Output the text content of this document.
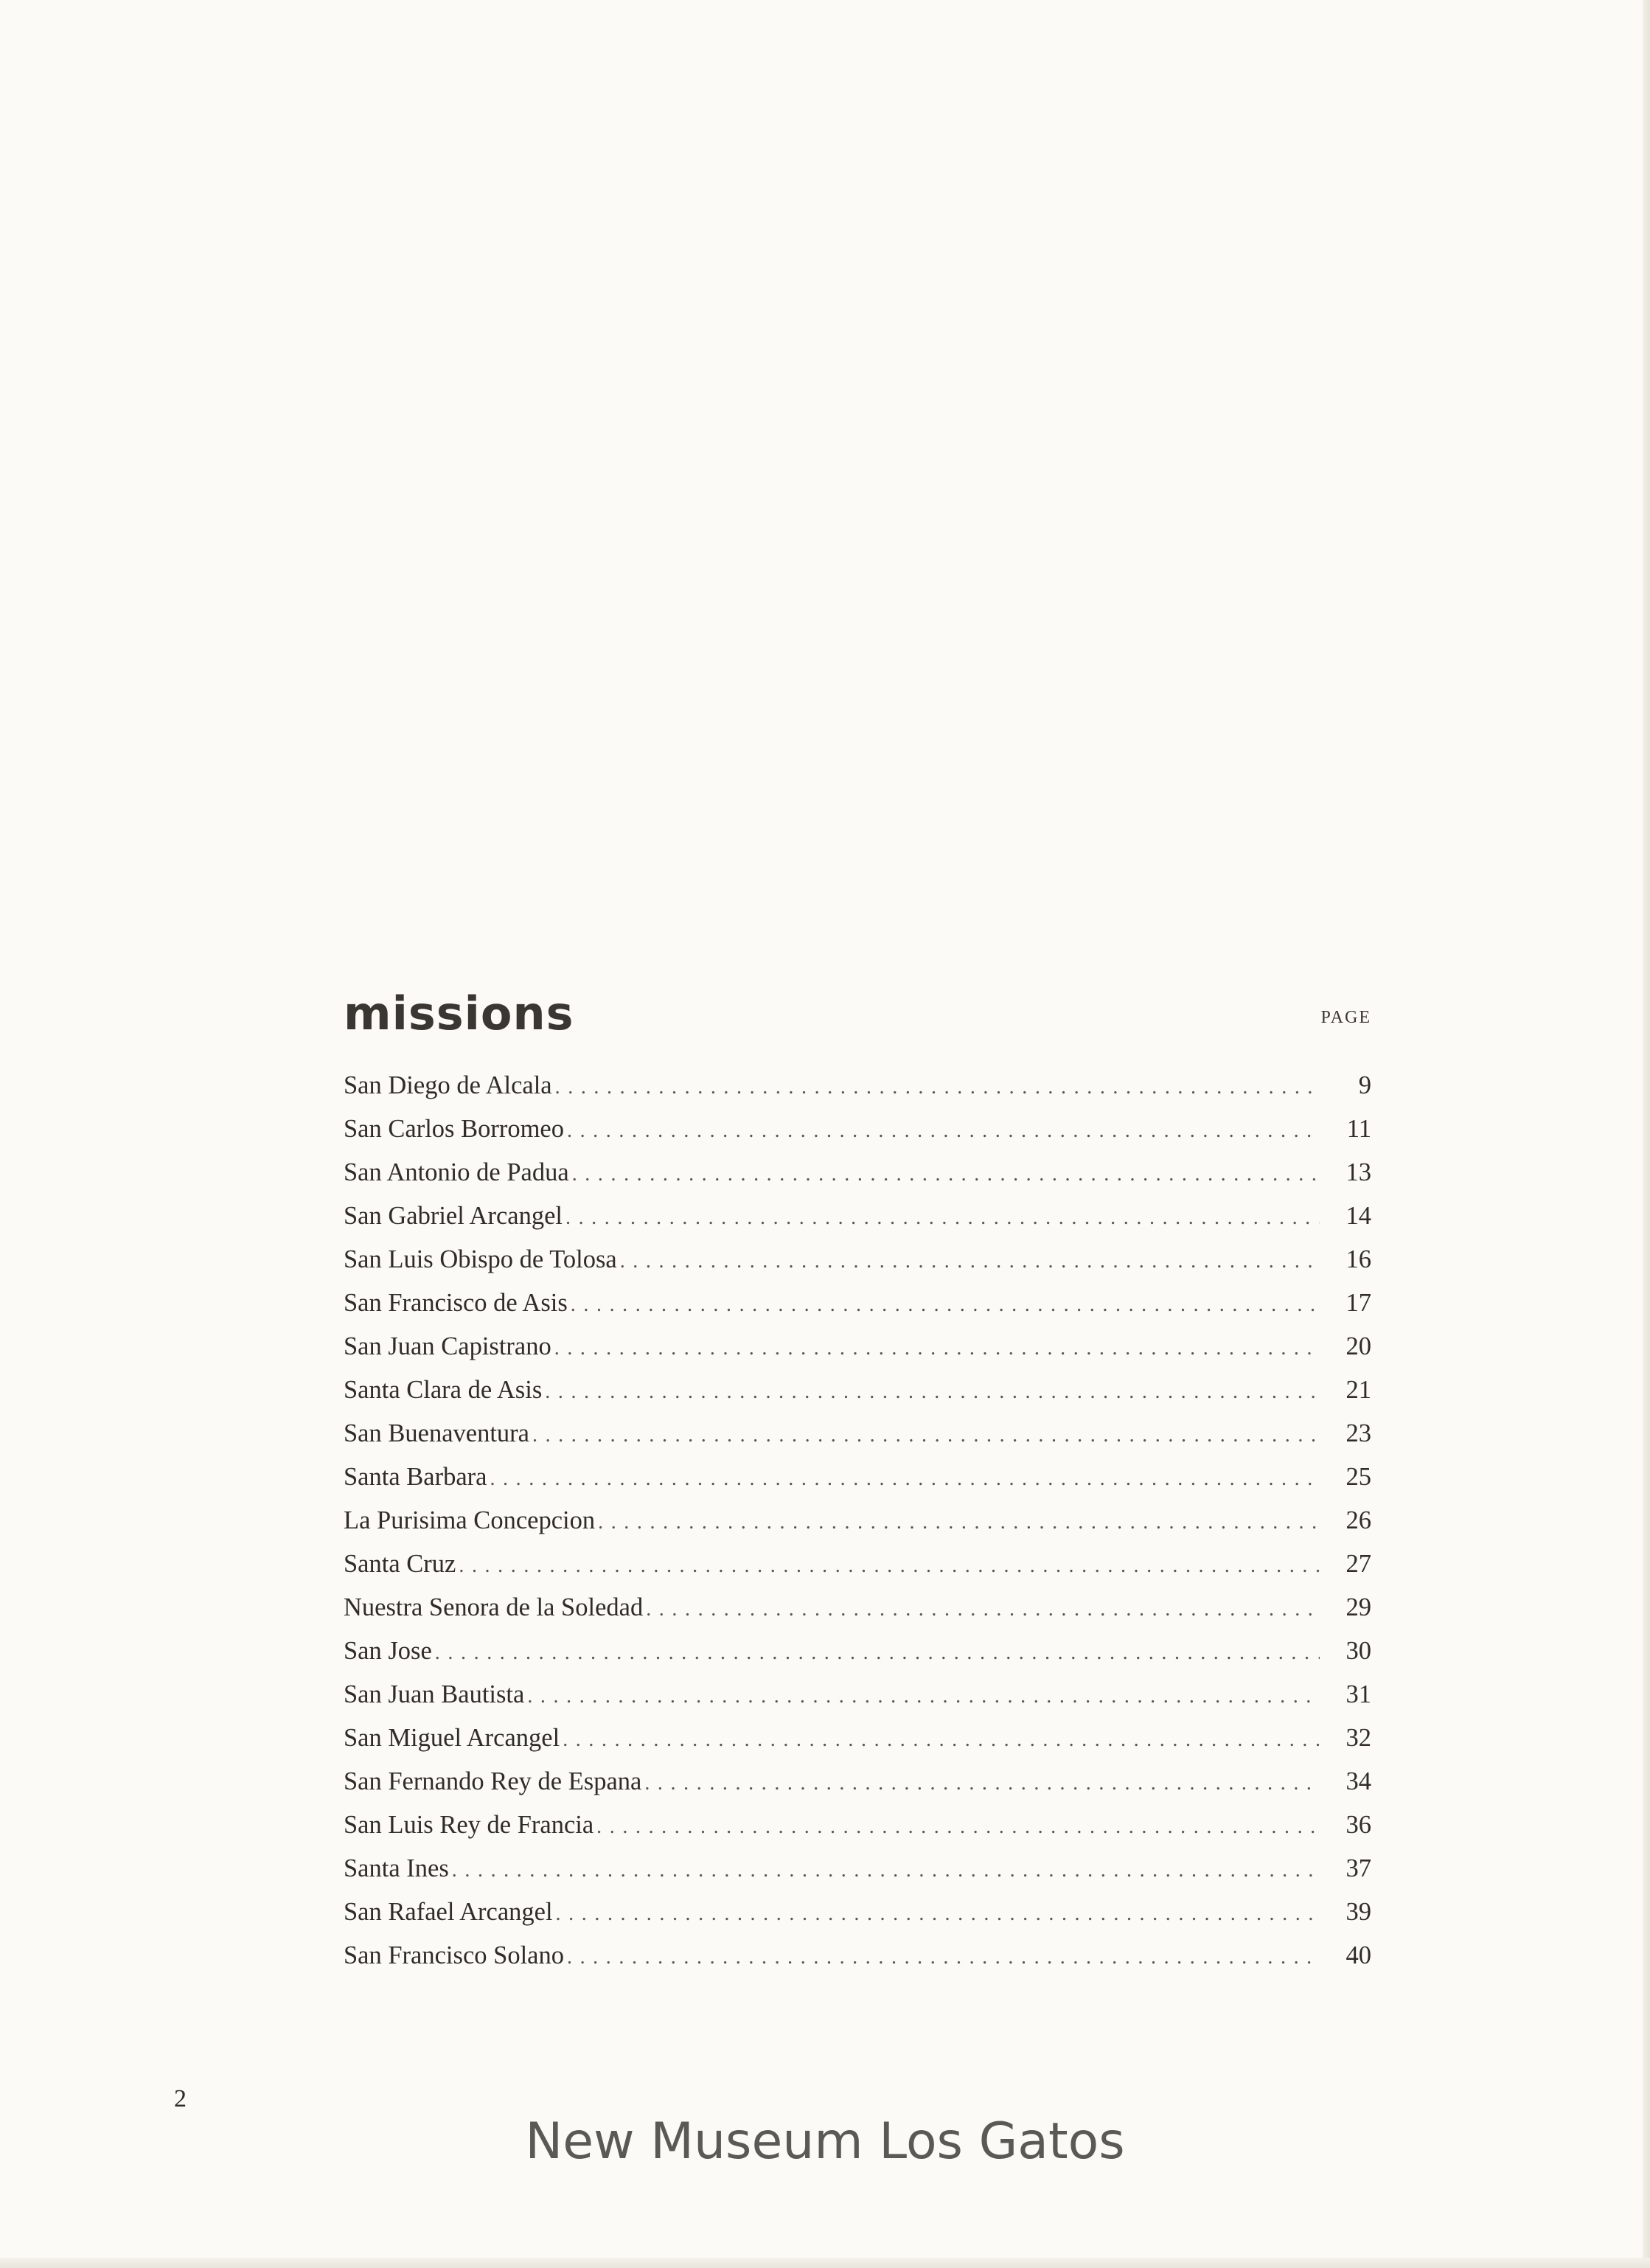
missions	PAGE
San Diego de Alcala . . .	9
San Carlos Borromeo . . .	11
San Antonio de Padua . . .	13
San Gabriel Arcangel . . .	14
San Luis Obispo de Tolosa . . .	16
San Francisco de Asis . . .	17
San Juan Capistrano . . .	20
Santa Clara de Asis . . .	21
San Buenaventura . . .	23
Santa Barbara . . .	25
La Purisima Concepcion . . .	26
Santa Cruz . . .	27
Nuestra Senora de la Soledad . . .	29
San Jose . . .	30
San Juan Bautista . . .	31
San Miguel Arcangel . . .	32
San Fernando Rey de Espana . . .	34
San Luis Rey de Francia . . .	36
Santa Ines . . .	37
San Rafael Arcangel . . .	39
San Francisco Solano . . .	40
2
New Museum Los Gatos
